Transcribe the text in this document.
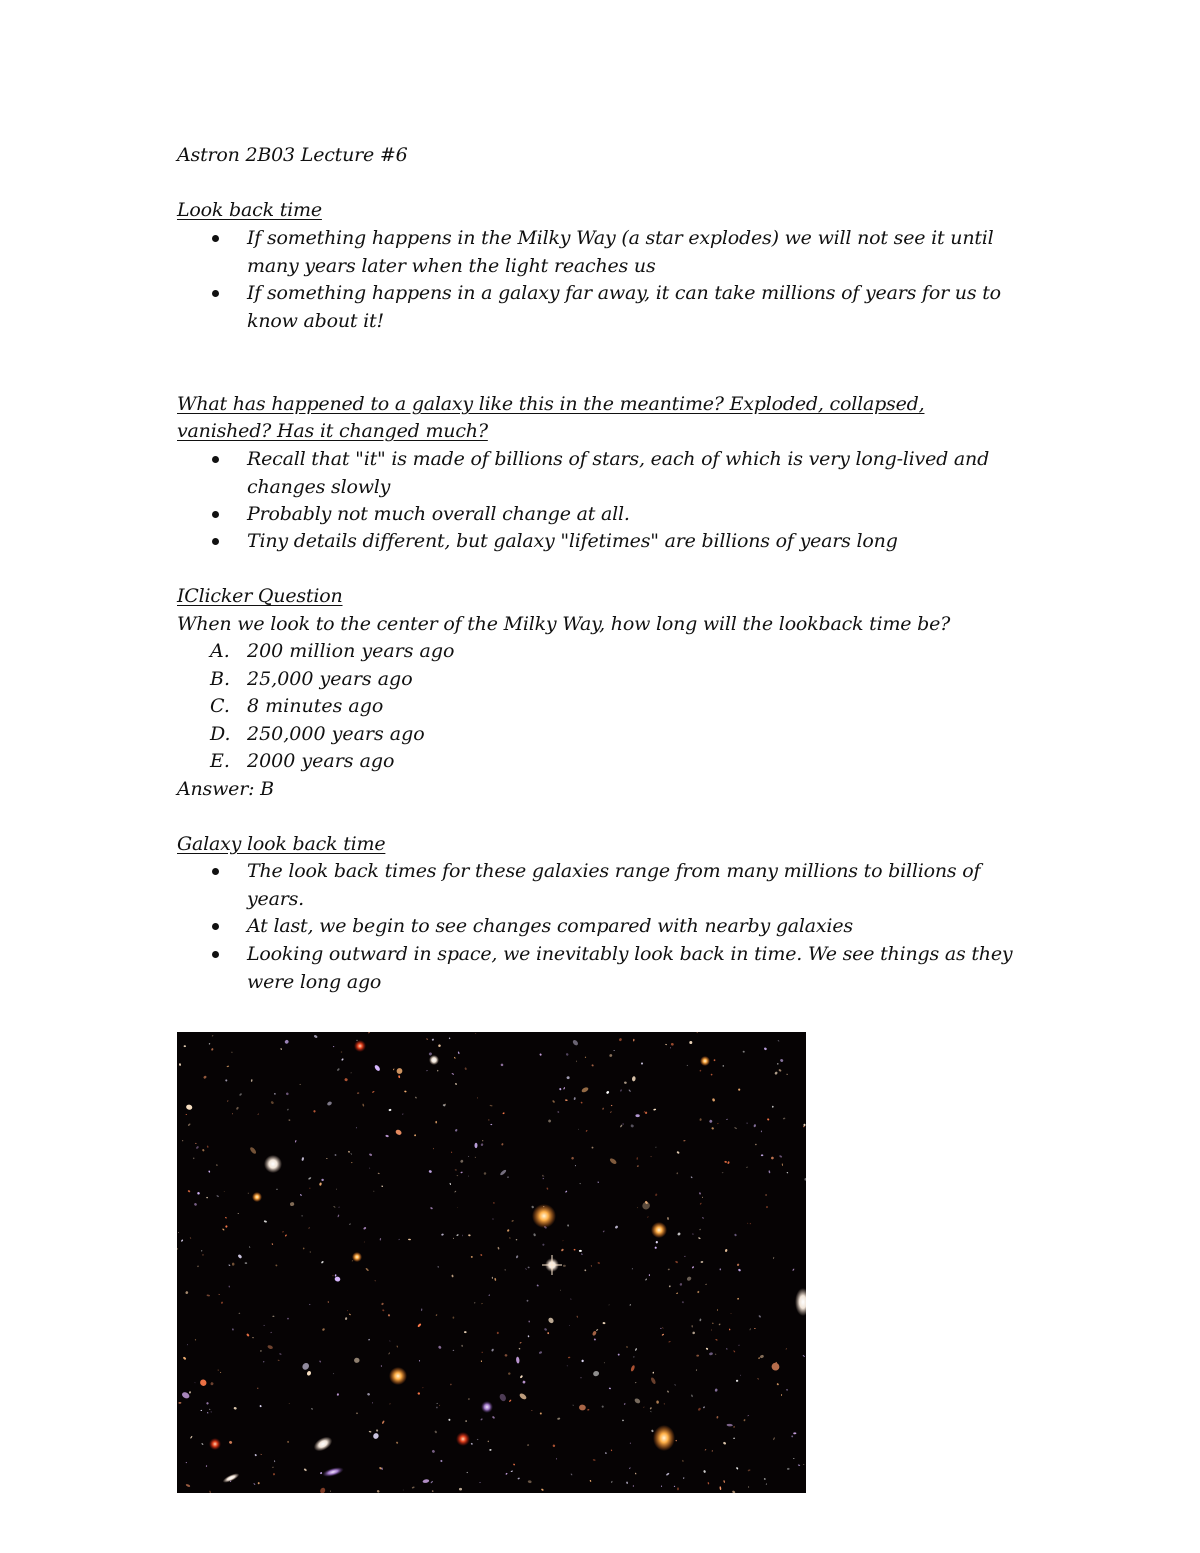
Astron 2B03 Lecture #6
Look back time
If something happens in the Milky Way (a star explodes) we will not see it until many years later when the light reaches us
If something happens in a galaxy far away, it can take millions of years for us to know about it!
What has happened to a galaxy like this in the meantime? Exploded, collapsed,
vanished? Has it changed much?
Recall that "it" is made of billions of stars, each of which is very long-lived and changes slowly
Probably not much overall change at all.
Tiny details different, but galaxy "lifetimes" are billions of years long
IClicker Question
When we look to the center of the Milky Way, how long will the lookback time be?
A. 200 million years ago
B. 25,000 years ago
C. 8 minutes ago
D. 250,000 years ago
E. 2000 years ago
Answer: B
Galaxy look back time
The look back times for these galaxies range from many millions to billions of years.
At last, we begin to see changes compared with nearby galaxies
Looking outward in space, we inevitably look back in time. We see things as they were long ago
